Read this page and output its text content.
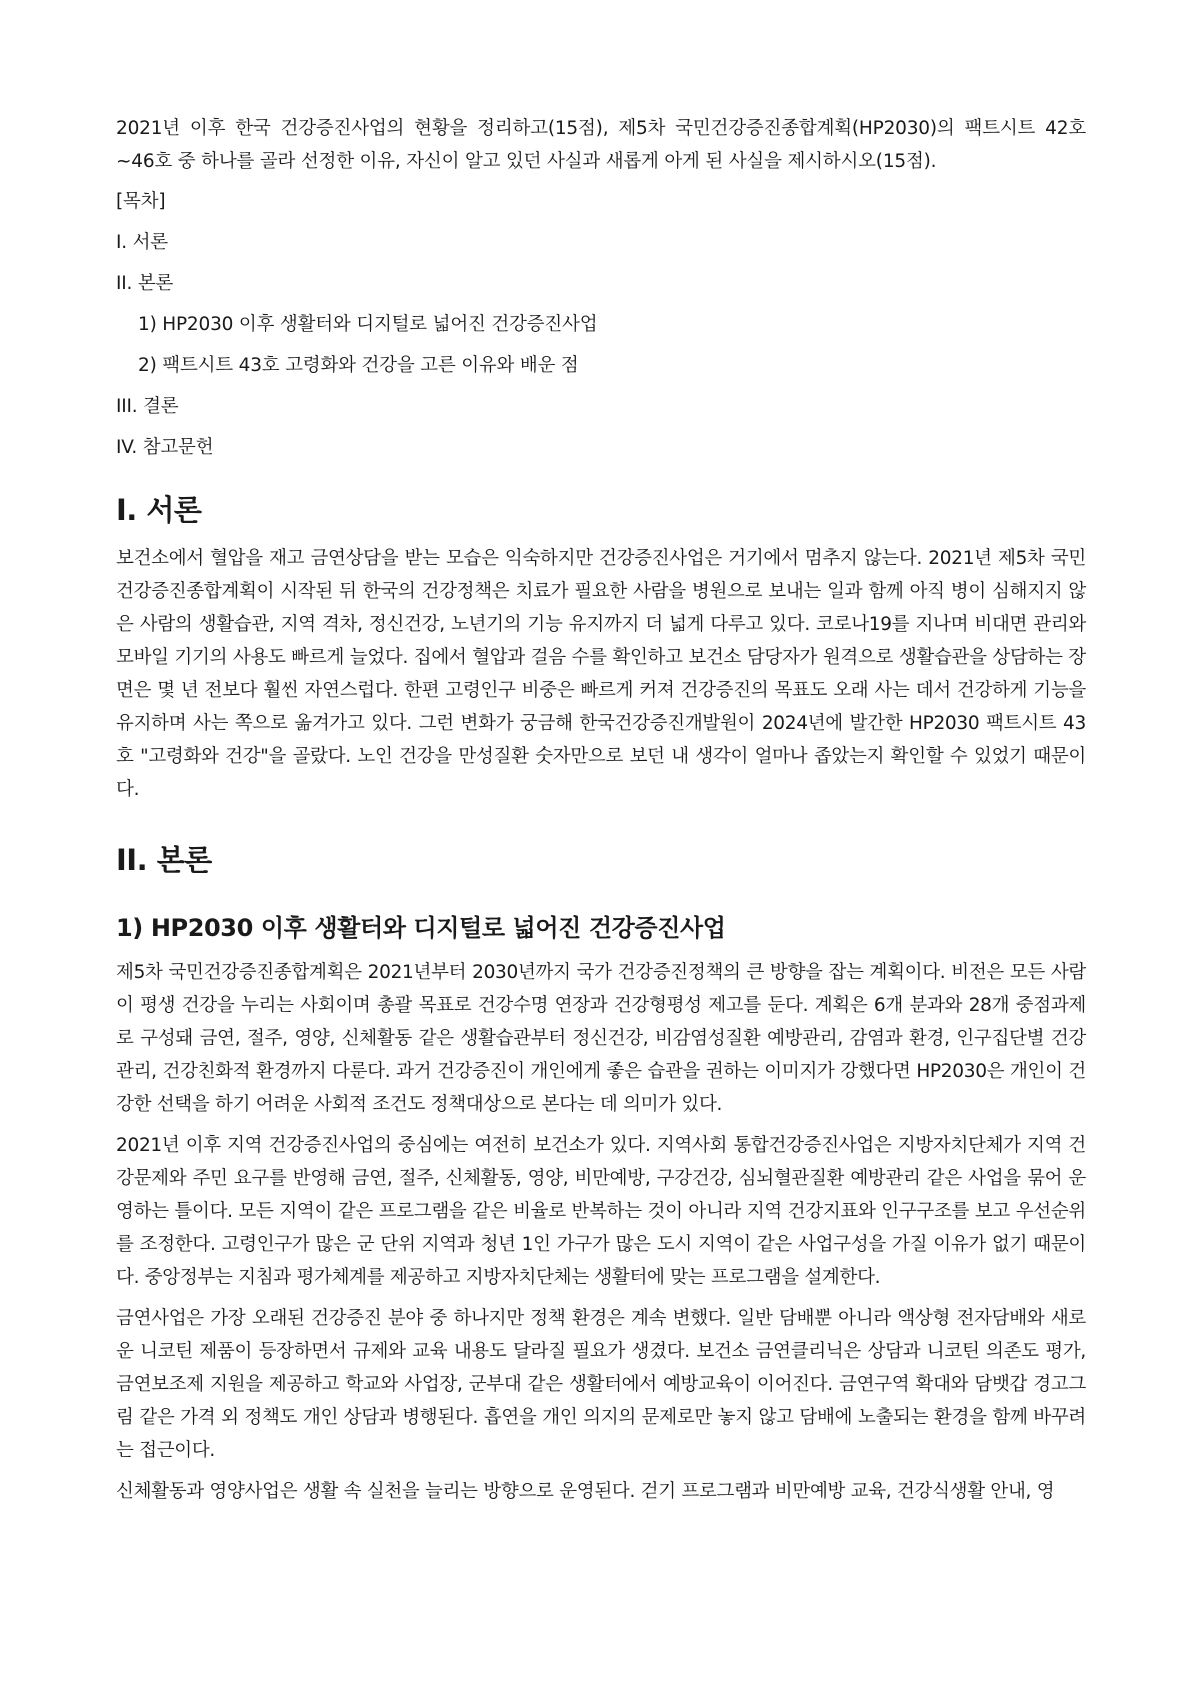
2021년 이후 한국 건강증진사업의 현황을 정리하고(15점), 제5차 국민건강증진종합계획(HP2030)의 팩트시트 42호 ~46호 중 하나를 골라 선정한 이유, 자신이 알고 있던 사실과 새롭게 아게 된 사실을 제시하시오(15점).

[목차]
I. 서론
II. 본론
1) HP2030 이후 생활터와 디지털로 넓어진 건강증진사업
2) 팩트시트 43호 고령화와 건강을 고른 이유와 배운 점
III. 결론
IV. 참고문헌
I. 서론

보건소에서 혈압을 재고 금연상담을 받는 모습은 익숙하지만 건강증진사업은 거기에서 멈추지 않는다. 2021년 제5차 국민건강증진종합계획이 시작된 뒤 한국의 건강정책은 치료가 필요한 사람을 병원으로 보내는 일과 함께 아직 병이 심해지지 않은 사람의 생활습관, 지역 격차, 정신건강, 노년기의 기능 유지까지 더 넓게 다루고 있다. 코로나19를 지나며 비대면 관리와 모바일 기기의 사용도 빠르게 늘었다. 집에서 혈압과 걸음 수를 확인하고 보건소 담당자가 원격으로 생활습관을 상담하는 장면은 몇 년 전보다 훨씬 자연스럽다. 한편 고령인구 비중은 빠르게 커져 건강증진의 목표도 오래 사는 데서 건강하게 기능을 유지하며 사는 쪽으로 옮겨가고 있다. 그런 변화가 궁금해 한국건강증진개발원이 2024년에 발간한 HP2030 팩트시트 43호 "고령화와 건강"을 골랐다. 노인 건강을 만성질환 숫자만으로 보던 내 생각이 얼마나 좁았는지 확인할 수 있었기 때문이다.

II. 본론
1) HP2030 이후 생활터와 디지털로 넓어진 건강증진사업

제5차 국민건강증진종합계획은 2021년부터 2030년까지 국가 건강증진정책의 큰 방향을 잡는 계획이다. 비전은 모든 사람이 평생 건강을 누리는 사회이며 총괄 목표로 건강수명 연장과 건강형평성 제고를 둔다. 계획은 6개 분과와 28개 중점과제로 구성돼 금연, 절주, 영양, 신체활동 같은 생활습관부터 정신건강, 비감염성질환 예방관리, 감염과 환경, 인구집단별 건강관리, 건강친화적 환경까지 다룬다. 과거 건강증진이 개인에게 좋은 습관을 권하는 이미지가 강했다면 HP2030은 개인이 건강한 선택을 하기 어려운 사회적 조건도 정책대상으로 본다는 데 의미가 있다.

2021년 이후 지역 건강증진사업의 중심에는 여전히 보건소가 있다. 지역사회 통합건강증진사업은 지방자치단체가 지역 건강문제와 주민 요구를 반영해 금연, 절주, 신체활동, 영양, 비만예방, 구강건강, 심뇌혈관질환 예방관리 같은 사업을 묶어 운영하는 틀이다. 모든 지역이 같은 프로그램을 같은 비율로 반복하는 것이 아니라 지역 건강지표와 인구구조를 보고 우선순위를 조정한다. 고령인구가 많은 군 단위 지역과 청년 1인 가구가 많은 도시 지역이 같은 사업구성을 가질 이유가 없기 때문이다. 중앙정부는 지침과 평가체계를 제공하고 지방자치단체는 생활터에 맞는 프로그램을 설계한다.

금연사업은 가장 오래된 건강증진 분야 중 하나지만 정책 환경은 계속 변했다. 일반 담배뿐 아니라 액상형 전자담배와 새로운 니코틴 제품이 등장하면서 규제와 교육 내용도 달라질 필요가 생겼다. 보건소 금연클리닉은 상담과 니코틴 의존도 평가, 금연보조제 지원을 제공하고 학교와 사업장, 군부대 같은 생활터에서 예방교육이 이어진다. 금연구역 확대와 담뱃갑 경고그림 같은 가격 외 정책도 개인 상담과 병행된다. 흡연을 개인 의지의 문제로만 놓지 않고 담배에 노출되는 환경을 함께 바꾸려는 접근이다.

신체활동과 영양사업은 생활 속 실천을 늘리는 방향으로 운영된다. 걷기 프로그램과 비만예방 교육, 건강식생활 안내, 영
